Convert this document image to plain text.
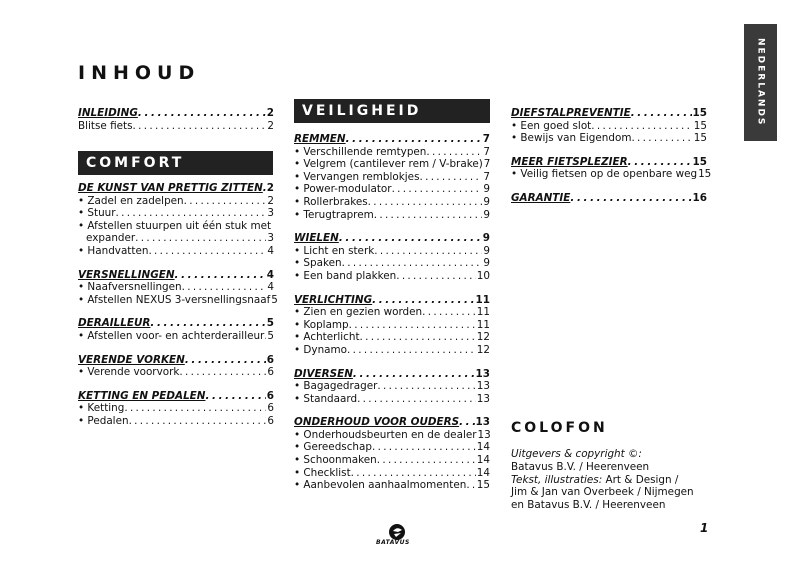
INHOUD	NEDERLANDS
INLEIDING . . .	2
Blitse fiets . . .	2
COMFORT
DE KUNST VAN PRETTIG ZITTEN . . . 2
• Zadel en zadelpen . . .	2
• Stuur . . .	3
• Afstellen stuurpen uit één stuk met
expander . . .	3
• Handvatten . . .	4
VERSNELLINGEN . . .	4
• Naafversnellingen . . .	4
• Afstellen NEXUS 3-versnellingsnaaf 5
DERAILLEUR . . .	5
• Afstellen voor- en achterderailleur . . . 5
VERENDE VORKEN . . .	6
• Verende voorvork . . .	6
KETTING EN PEDALEN . . .	6
• Ketting . . .	6
• Pedalen . . .	6
VEILIGHEID
REMMEN . . .	7
• Verschillende remtypen . . .	7
• Velgrem (cantilever rem / V-brake) 7
• Vervangen remblokjes . . .	7
• Power-modulator . . .	9
• Rollerbrakes . . .	9
• Terugtraprem . . .	9
WIELEN . . .	9
• Licht en sterk . . .	9
• Spaken . . .	9
• Een band plakken . . .	10
VERLICHTING . . .	11
• Zien en gezien worden . . .	11
• Koplamp . . .	11
• Achterlicht . . .	12
• Dynamo . . .	12
DIVERSEN . . .	13
• Bagagedrager . . .	13
• Standaard . . .	13
ONDERHOUD VOOR OUDERS . . . 13
• Onderhoudsbeurten en de dealer 13
• Gereedschap . . .	14
• Schoonmaken . . .	14
• Checklist . . .	14
• Aanbevolen aanhaalmomenten . . . 15
DIEFSTALPREVENTIE . . .	15
• Een goed slot . . .	15
• Bewijs van Eigendom . . .	15
MEER FIETSPLEZIER . . .	15
• Veilig fietsen op de openbare weg 15
GARANTIE . . .	16
COLOFON
Uitgevers & copyright ©:
Batavus B.V. / Heerenveen
Tekst, illustraties: Art & Design /
Jim & Jan van Overbeek / Nijmegen
en Batavus B.V. / Heerenveen
BATAVUS
1
